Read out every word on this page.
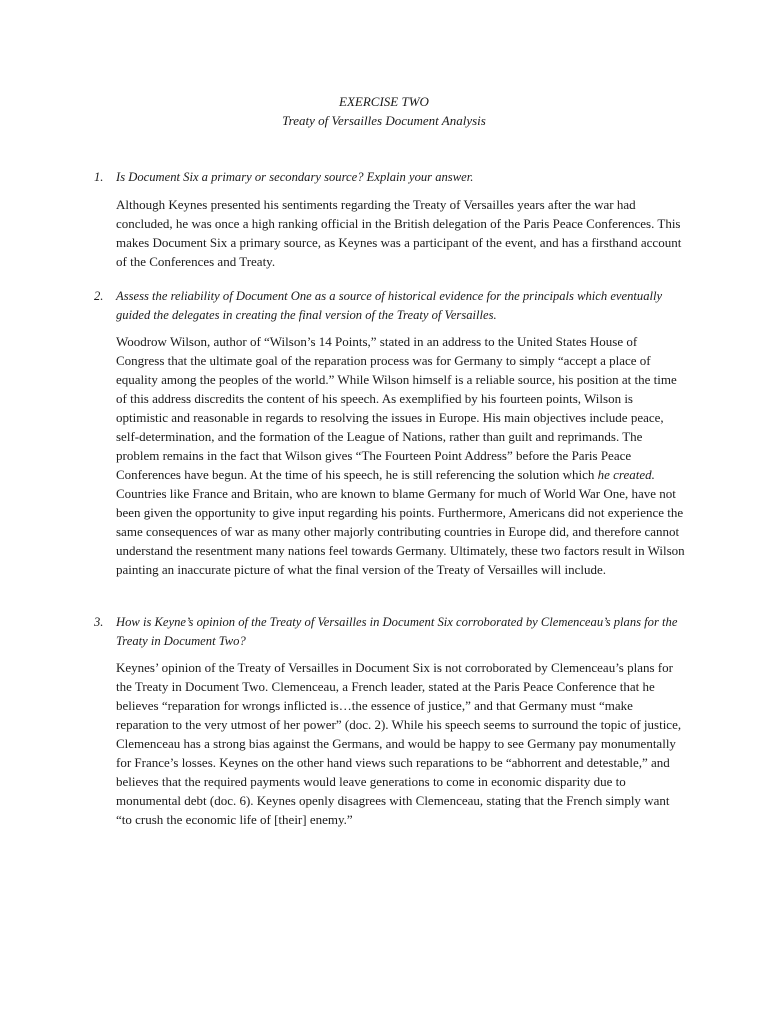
EXERCISE TWO
Treaty of Versailles Document Analysis
1. Is Document Six a primary or secondary source? Explain your answer.
Although Keynes presented his sentiments regarding the Treaty of Versailles years after the war had concluded, he was once a high ranking official in the British delegation of the Paris Peace Conferences. This makes Document Six a primary source, as Keynes was a participant of the event, and has a firsthand account of the Conferences and Treaty.
2. Assess the reliability of Document One as a source of historical evidence for the principals which eventually guided the delegates in creating the final version of the Treaty of Versailles.
Woodrow Wilson, author of “Wilson’s 14 Points,” stated in an address to the United States House of Congress that the ultimate goal of the reparation process was for Germany to simply “accept a place of equality among the peoples of the world.” While Wilson himself is a reliable source, his position at the time of this address discredits the content of his speech. As exemplified by his fourteen points, Wilson is optimistic and reasonable in regards to resolving the issues in Europe. His main objectives include peace, self-determination, and the formation of the League of Nations, rather than guilt and reprimands. The problem remains in the fact that Wilson gives “The Fourteen Point Address” before the Paris Peace Conferences have begun. At the time of his speech, he is still referencing the solution which he created. Countries like France and Britain, who are known to blame Germany for much of World War One, have not been given the opportunity to give input regarding his points. Furthermore, Americans did not experience the same consequences of war as many other majorly contributing countries in Europe did, and therefore cannot understand the resentment many nations feel towards Germany. Ultimately, these two factors result in Wilson painting an inaccurate picture of what the final version of the Treaty of Versailles will include.
3. How is Keyne’s opinion of the Treaty of Versailles in Document Six corroborated by Clemenceau’s plans for the Treaty in Document Two?
Keynes’ opinion of the Treaty of Versailles in Document Six is not corroborated by Clemenceau’s plans for the Treaty in Document Two. Clemenceau, a French leader, stated at the Paris Peace Conference that he believes “reparation for wrongs inflicted is…the essence of justice,” and that Germany must “make reparation to the very utmost of her power” (doc. 2). While his speech seems to surround the topic of justice, Clemenceau has a strong bias against the Germans, and would be happy to see Germany pay monumentally for France’s losses. Keynes on the other hand views such reparations to be “abhorrent and detestable,” and believes that the required payments would leave generations to come in economic disparity due to monumental debt (doc. 6). Keynes openly disagrees with Clemenceau, stating that the French simply want “to crush the economic life of [their] enemy.”
